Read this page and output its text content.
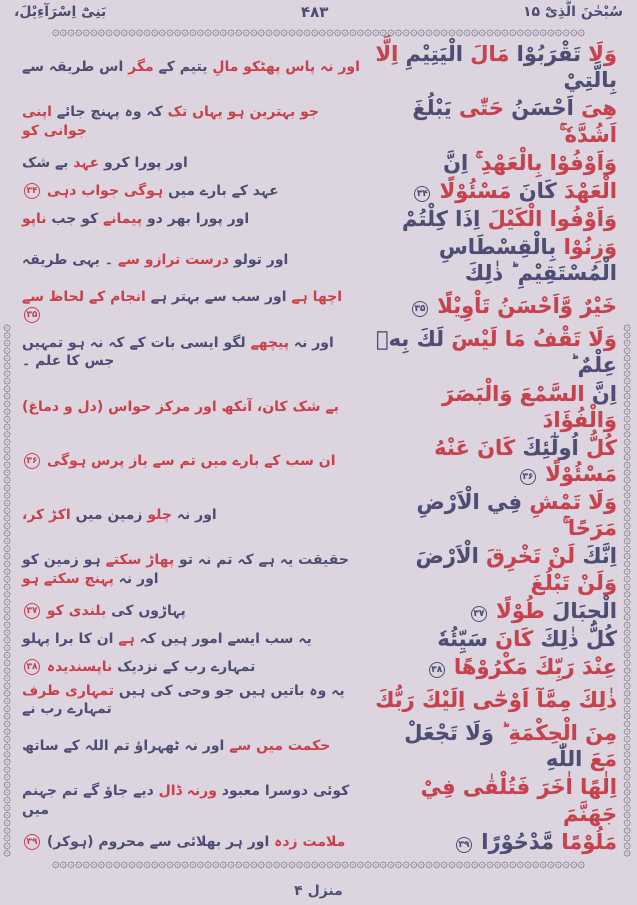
سُبْحٰنَ الَّذِیْٓ ۱۵
۴۸۳
بَنِیْٓ اِسْرَآءِیْلَ،
۞۞۞۞۞۞۞۞۞۞۞۞۞۞۞۞۞۞۞۞۞۞۞۞۞۞۞۞۞۞۞۞۞۞۞۞۞۞۞۞۞۞۞۞۞۞۞۞۞۞۞۞۞۞۞۞۞۞۞۞۞۞۞۞۞۞۞۞۞۞
۞۞۞۞۞۞۞۞۞۞۞۞۞۞۞۞۞۞۞۞۞۞۞۞۞۞۞۞۞۞۞۞۞۞۞۞۞۞۞۞۞۞۞۞۞۞۞۞۞۞۞۞۞۞۞۞۞۞۞۞۞۞۞۞۞۞۞۞۞۞
۞۞۞۞۞۞۞۞۞۞۞۞۞۞۞۞۞۞۞۞۞۞۞۞۞۞۞۞۞۞۞۞۞۞۞۞۞۞۞۞۞۞۞۞۞۞۞۞۞۞۞۞۞۞۞۞۞۞۞۞۞۞۞۞۞۞۞۞۞۞
۞۞۞۞۞۞۞۞۞۞۞۞۞۞۞۞۞۞۞۞۞۞۞۞۞۞۞۞۞۞۞۞۞۞۞۞۞۞۞۞۞۞۞۞۞۞۞۞۞۞۞۞۞۞۞۞۞۞۞۞۞۞۞۞۞۞۞۞۞۞
وَلَا تَقْرَبُوْا مَالَ الْيَتِيْمِ اِلَّا بِالَّتِيْ
اور نہ پاس پھٹکو مالِ یتیم کے مگر اس طریقہ سے
هِیَ اَحْسَنُ حَتّٰی یَبْلُغَ اَشُدَّهٗ ۚ
جو بہترین ہو یہاں تک کہ وہ پہنچ جائے اپنی جوانی کو
وَاَوْفُوْا بِالْعَهْدِ ۚ اِنَّ
اور پورا کرو عہد بے شک
الْعَهْدَ كَانَ مَسْئُوْلًا ۳۴
عہد کے بارے میں ہوگی جواب دہی ۳۴
وَاَوْفُوا الْكَيْلَ اِذَا كِلْتُمْ
اور پورا بھر دو پیمانے کو جب ناپو
وَزِنُوْا بِالْقِسْطَاسِ الْمُسْتَقِيْمِ ؕ ذٰلِكَ
اور تولو درست ترازو سے ۔ یہی طریقہ
خَيْرٌ وَّاَحْسَنُ تَاْوِيْلًا ۳۵
اچھا ہے اور سب سے بہتر ہے انجام کے لحاظ سے ۳۵
وَلَا تَقْفُ مَا لَيْسَ لَكَ بِهٖ عِلْمٌ ؕ
اور نہ پیچھے لگو ایسی بات کے کہ نہ ہو تمہیں جس کا علم ۔
اِنَّ السَّمْعَ وَالْبَصَرَ وَالْفُؤَادَ
بے شک کان، آنکھ اور مرکز حواس (دل و دماغ)
كُلُّ اُولٰٓئِكَ كَانَ عَنْهُ مَسْئُوْلًا ۳۶
ان سب کے بارے میں تم سے باز پرس ہوگی ۳۶
وَلَا تَمْشِ فِي الْاَرْضِ مَرَحًا ۚ
اور نہ چلو زمین میں اکڑ کر،
اِنَّكَ لَنْ تَخْرِقَ الْاَرْضَ وَلَنْ تَبْلُغَ
حقیقت یہ ہے کہ تم نہ تو پھاڑ سکتے ہو زمین کو اور نہ پہنچ سکتے ہو
الْجِبَالَ طُوْلًا ۳۷
پہاڑوں کی بلندی کو ۳۷
كُلُّ ذٰلِكَ كَانَ سَيِّئُهٗ
یہ سب ایسے امور ہیں کہ ہے ان کا برا پہلو
عِنْدَ رَبِّكَ مَكْرُوْهًا ۳۸
تمہارے رب کے نزدیک ناپسندیدہ ۳۸
ذٰلِكَ مِمَّآ اَوْحٰٓی اِلَيْكَ رَبُّكَ
یہ وہ باتیں ہیں جو وحی کی ہیں تمہاری طرف تمہارے رب نے
مِنَ الْحِكْمَةِ ؕ وَلَا تَجْعَلْ مَعَ اللّٰهِ
حکمت میں سے اور نہ ٹھہراؤ تم اللہ کے ساتھ
اِلٰهًا اٰخَرَ فَتُلْقٰی فِيْ جَهَنَّمَ
کوئی دوسرا معبود ورنہ ڈال دیے جاؤ گے تم جہنم میں
مَلُوْمًا مَّدْحُوْرًا ۳۹
ملامت زدہ اور ہر بھلائی سے محروم (ہوکر) ۳۹
منزل ۴
